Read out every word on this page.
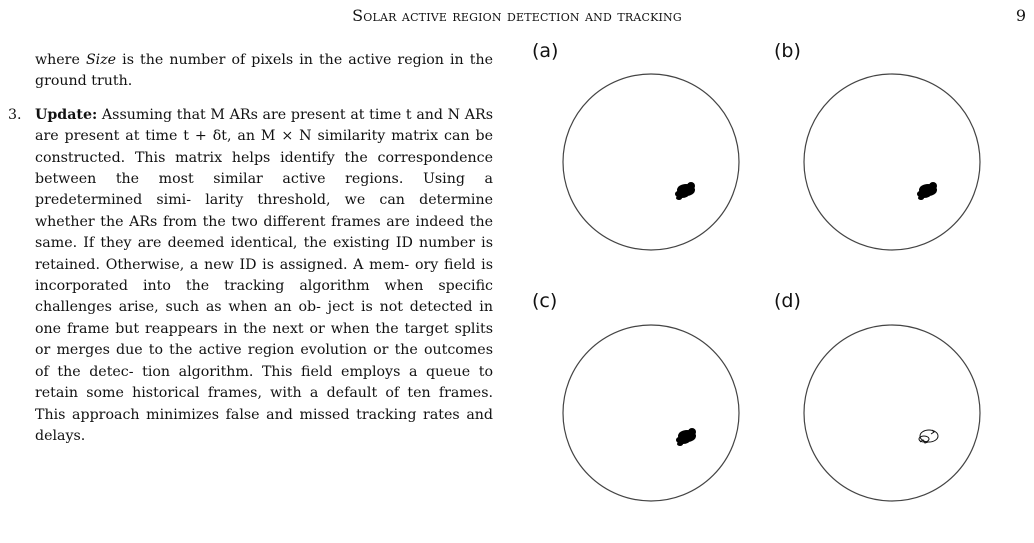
Solar active region detection and tracking	9

where Size is the number of pixels in the active region in the ground truth.

3. Update: Assuming that M ARs are present at time t and N ARs are present at time t + δt, an M × N similarity matrix can be constructed. This matrix helps identify the correspondence between the most similar active regions. Using a predetermined simi- larity threshold, we can determine whether the ARs from the two different frames are indeed the same. If they are deemed identical, the existing ID number is retained. Otherwise, a new ID is assigned. A mem- ory field is incorporated into the tracking algorithm when specific challenges arise, such as when an ob- ject is not detected in one frame but reappears in the next or when the target splits or merges due to the active region evolution or the outcomes of the detec- tion algorithm. This field employs a queue to retain some historical frames, with a default of ten frames. This approach minimizes false and missed tracking rates and delays.
(a)	(b)
(c)	(d)
